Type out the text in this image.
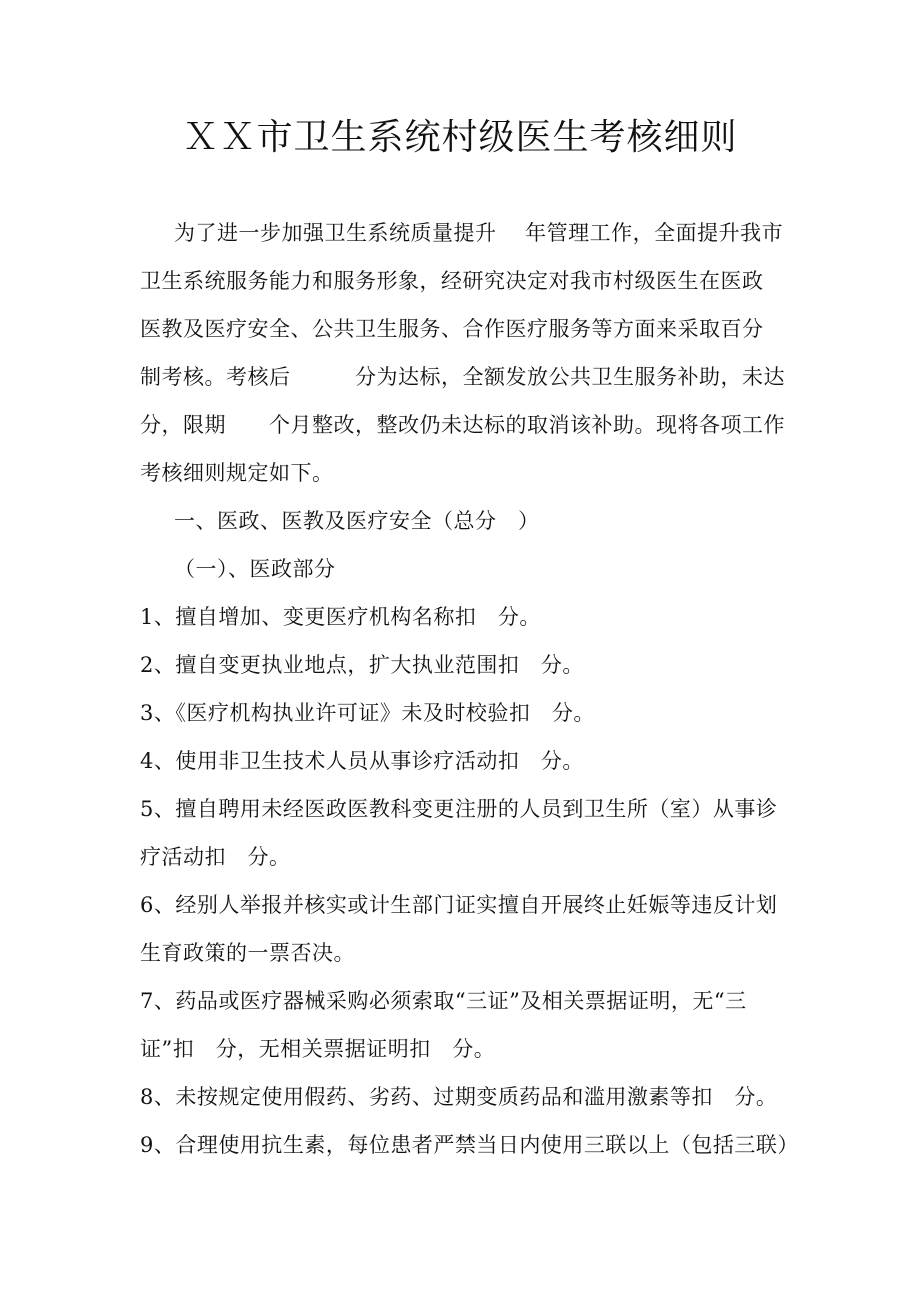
ＸＸ市卫生系统村级医生考核细则
为了进一步加强卫生系统质量提升　 年管理工作，全面提升我市
卫生系统服务能力和服务形象，经研究决定对我市村级医生在医政
医教及医疗安全、公共卫生服务、合作医疗服务等方面来采取百分
制考核。考核后　　　分为达标，全额发放公共卫生服务补助，未达
分，限期　　个月整改，整改仍未达标的取消该补助。现将各项工作
考核细则规定如下。
一、医政、医教及医疗安全（总分　）
（一）、医政部分
1、擅自增加、变更医疗机构名称扣　分。
2、擅自变更执业地点，扩大执业范围扣　分。
3、《医疗机构执业许可证》未及时校验扣　分。
4、使用非卫生技术人员从事诊疗活动扣　分。
5、擅自聘用未经医政医教科变更注册的人员到卫生所（室）从事诊
疗活动扣　分。
6、经别人举报并核实或计生部门证实擅自开展终止妊娠等违反计划
生育政策的一票否决。
7、药品或医疗器械采购必须索取“三证”及相关票据证明，无“三
证”扣　分，无相关票据证明扣　分。
8、未按规定使用假药、劣药、过期变质药品和滥用激素等扣　分。
9、合理使用抗生素，每位患者严禁当日内使用三联以上（包括三联）
